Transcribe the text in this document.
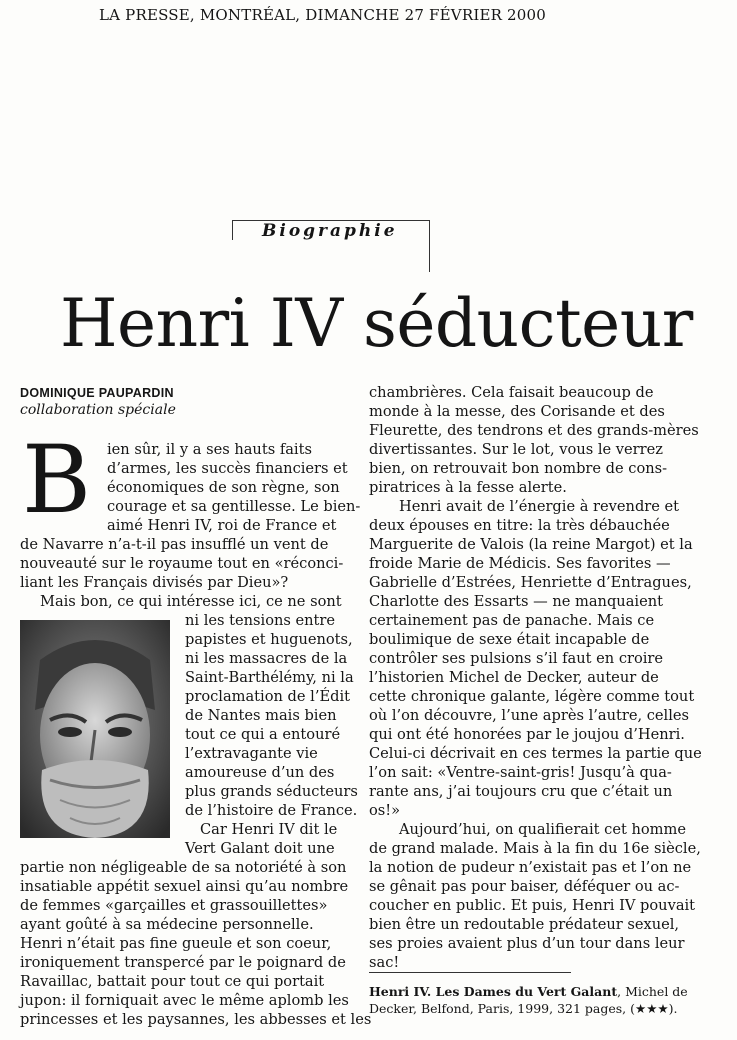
LA PRESSE, MONTRÉAL, DIMANCHE 27 FÉVRIER 2000
Biographie
Henri IV séducteur
DOMINIQUE PAUPARDIN
collaboration spéciale
B ien sûr, il y a ses hauts faits
d’armes, les succès financiers et
économiques de son règne, son
courage et sa gentillesse. Le bien-
aimé Henri IV, roi de France et
de Navarre n’a-t-il pas insufflé un vent de
nouveauté sur le royaume tout en «réconci-
liant les Français divisés par Dieu»?
Mais bon, ce qui intéresse ici, ce ne sont
ni les tensions entre
papistes et huguenots,
ni les massacres de la
Saint-Barthélémy, ni la
proclamation de l’Édit
de Nantes mais bien
tout ce qui a entouré
l’extravagante vie
amoureuse d’un des
plus grands séducteurs
de l’histoire de France.
Car Henri IV dit le
Vert Galant doit une
partie non négligeable de sa notoriété à son
insatiable appétit sexuel ainsi qu’au nombre
de femmes «garçailles et grassouillettes»
ayant goûté à sa médecine personnelle.
Henri n’était pas fine gueule et son coeur,
ironiquement transpercé par le poignard de
Ravaillac, battait pour tout ce qui portait
jupon: il forniquait avec le même aplomb les
princesses et les paysannes, les abbesses et les
chambrières. Cela faisait beaucoup de
monde à la messe, des Corisande et des
Fleurette, des tendrons et des grands-mères
divertissantes. Sur le lot, vous le verrez
bien, on retrouvait bon nombre de cons-
piratrices à la fesse alerte.
Henri avait de l’énergie à revendre et
deux épouses en titre: la très débauchée
Marguerite de Valois (la reine Margot) et la
froide Marie de Médicis. Ses favorites —
Gabrielle d’Estrées, Henriette d’Entragues,
Charlotte des Essarts — ne manquaient
certainement pas de panache. Mais ce
boulimique de sexe était incapable de
contrôler ses pulsions s’il faut en croire
l’historien Michel de Decker, auteur de
cette chronique galante, légère comme tout
où l’on découvre, l’une après l’autre, celles
qui ont été honorées par le joujou d’Henri.
Celui-ci décrivait en ces termes la partie que
l’on sait: «Ventre-saint-gris! Jusqu’à qua-
rante ans, j’ai toujours cru que c’était un
os!»
Aujourd’hui, on qualifierait cet homme
de grand malade. Mais à la fin du 16e siècle,
la notion de pudeur n’existait pas et l’on ne
se gênait pas pour baiser, déféquer ou ac-
coucher en public. Et puis, Henri IV pouvait
bien être un redoutable prédateur sexuel,
ses proies avaient plus d’un tour dans leur
sac!
Henri IV. Les Dames du Vert Galant, Michel de
Decker, Belfond, Paris, 1999, 321 pages, (★★★).
